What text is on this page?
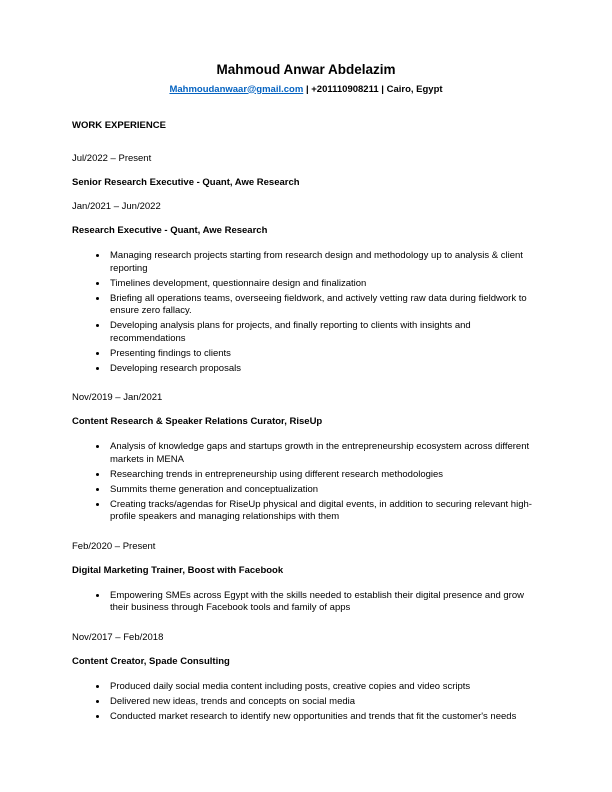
Mahmoud Anwar Abdelazim

Mahmoudanwaar@gmail.com | +201110908211 | Cairo, Egypt

WORK EXPERIENCE

Jul/2022 – Present

Senior Research Executive - Quant, Awe Research

Jan/2021 – Jun/2022

Research Executive - Quant, Awe Research

• Managing research projects starting from research design and methodology up to analysis & client reporting
• Timelines development, questionnaire design and finalization
• Briefing all operations teams, overseeing fieldwork, and actively vetting raw data during fieldwork to ensure zero fallacy.
• Developing analysis plans for projects, and finally reporting to clients with insights and recommendations
• Presenting findings to clients
• Developing research proposals

Nov/2019 – Jan/2021

Content Research & Speaker Relations Curator, RiseUp

• Analysis of knowledge gaps and startups growth in the entrepreneurship ecosystem across different markets in MENA
• Researching trends in entrepreneurship using different research methodologies
• Summits theme generation and conceptualization
• Creating tracks/agendas for RiseUp physical and digital events, in addition to securing relevant high-profile speakers and managing relationships with them

Feb/2020 – Present

Digital Marketing Trainer, Boost with Facebook

• Empowering SMEs across Egypt with the skills needed to establish their digital presence and grow their business through Facebook tools and family of apps

Nov/2017 – Feb/2018

Content Creator, Spade Consulting

• Produced daily social media content including posts, creative copies and video scripts
• Delivered new ideas, trends and concepts on social media
• Conducted market research to identify new opportunities and trends that fit the customer's needs
